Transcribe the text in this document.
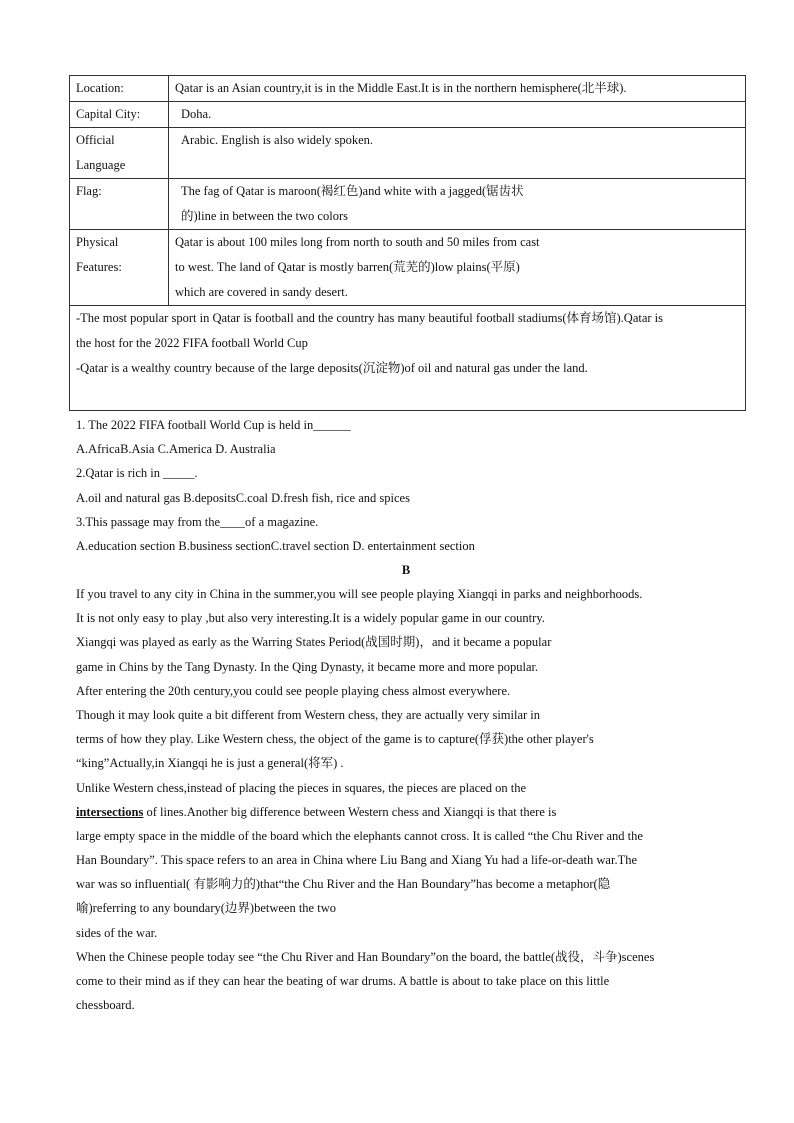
Location:	Qatar is an Asian country,it is in the Middle East.It is in the northern hemisphere(北半球).

Capital City:	Doha.

Official Language	Arabic. English is also widely spoken.

Flag:	The fag of Qatar is maroon(褐红色)and white with a jagged(锯齿状
的)line in between the two colors

Physical Features:	Qatar is about 100 miles long from north to south and 50 miles from cast
to west. The land of Qatar is mostly barren(荒芜的)low plains(平原)
which are covered in sandy desert.

-The most popular sport in Qatar is football and the country has many beautiful football stadiums(体育场馆).Qatar is
the host for the 2022 FIFA football World Cup
-Qatar is a wealthy country because of the large deposits(沉淀物)of oil and natural gas under the land.	
1. The 2022 FIFA football World Cup is held in______
A.AfricaB.Asia C.America D. Australia
2.Qatar is rich in _____.
A.oil and natural gas B.depositsC.coal D.fresh fish, rice and spices
3.This passage may from the____of a magazine.
A.education section B.business sectionC.travel section D. entertainment section
B
If you travel to any city in China in the summer,you will see people playing Xiangqi in parks and neighborhoods.
It is not only easy to play ,but also very interesting.It is a widely popular game in our country.
Xiangqi was played as early as the Warring States Period(战国时期)，and it became a popular
game in Chins by the Tang Dynasty. In the Qing Dynasty, it became more and more popular.
After entering the 20th century,you could see people playing chess almost everywhere.
Though it may look quite a bit different from Western chess, they are actually very similar in
terms of how they play. Like Western chess, the object of the game is to capture(俘获)the other player's
“king”Actually,in Xiangqi he is just a general(将军) .
Unlike Western chess,instead of placing the pieces in squares, the pieces are placed on the
intersections of lines.Another big difference between Western chess and Xiangqi is that there is
large empty space in the middle of the board which the elephants cannot cross. It is called “the Chu River and the
Han Boundary”. This space refers to an area in China where Liu Bang and Xiang Yu had a life-or-death war.The
war was so influential( 有影响力的)that“the Chu River and the Han Boundary”has become a metaphor(隐
喻)referring to any boundary(边界)between the two
sides of the war.
When the Chinese people today see “the Chu River and Han Boundary”on the board, the battle(战役，斗争)scenes
come to their mind as if they can hear the beating of war drums. A battle is about to take place on this little
chessboard.
